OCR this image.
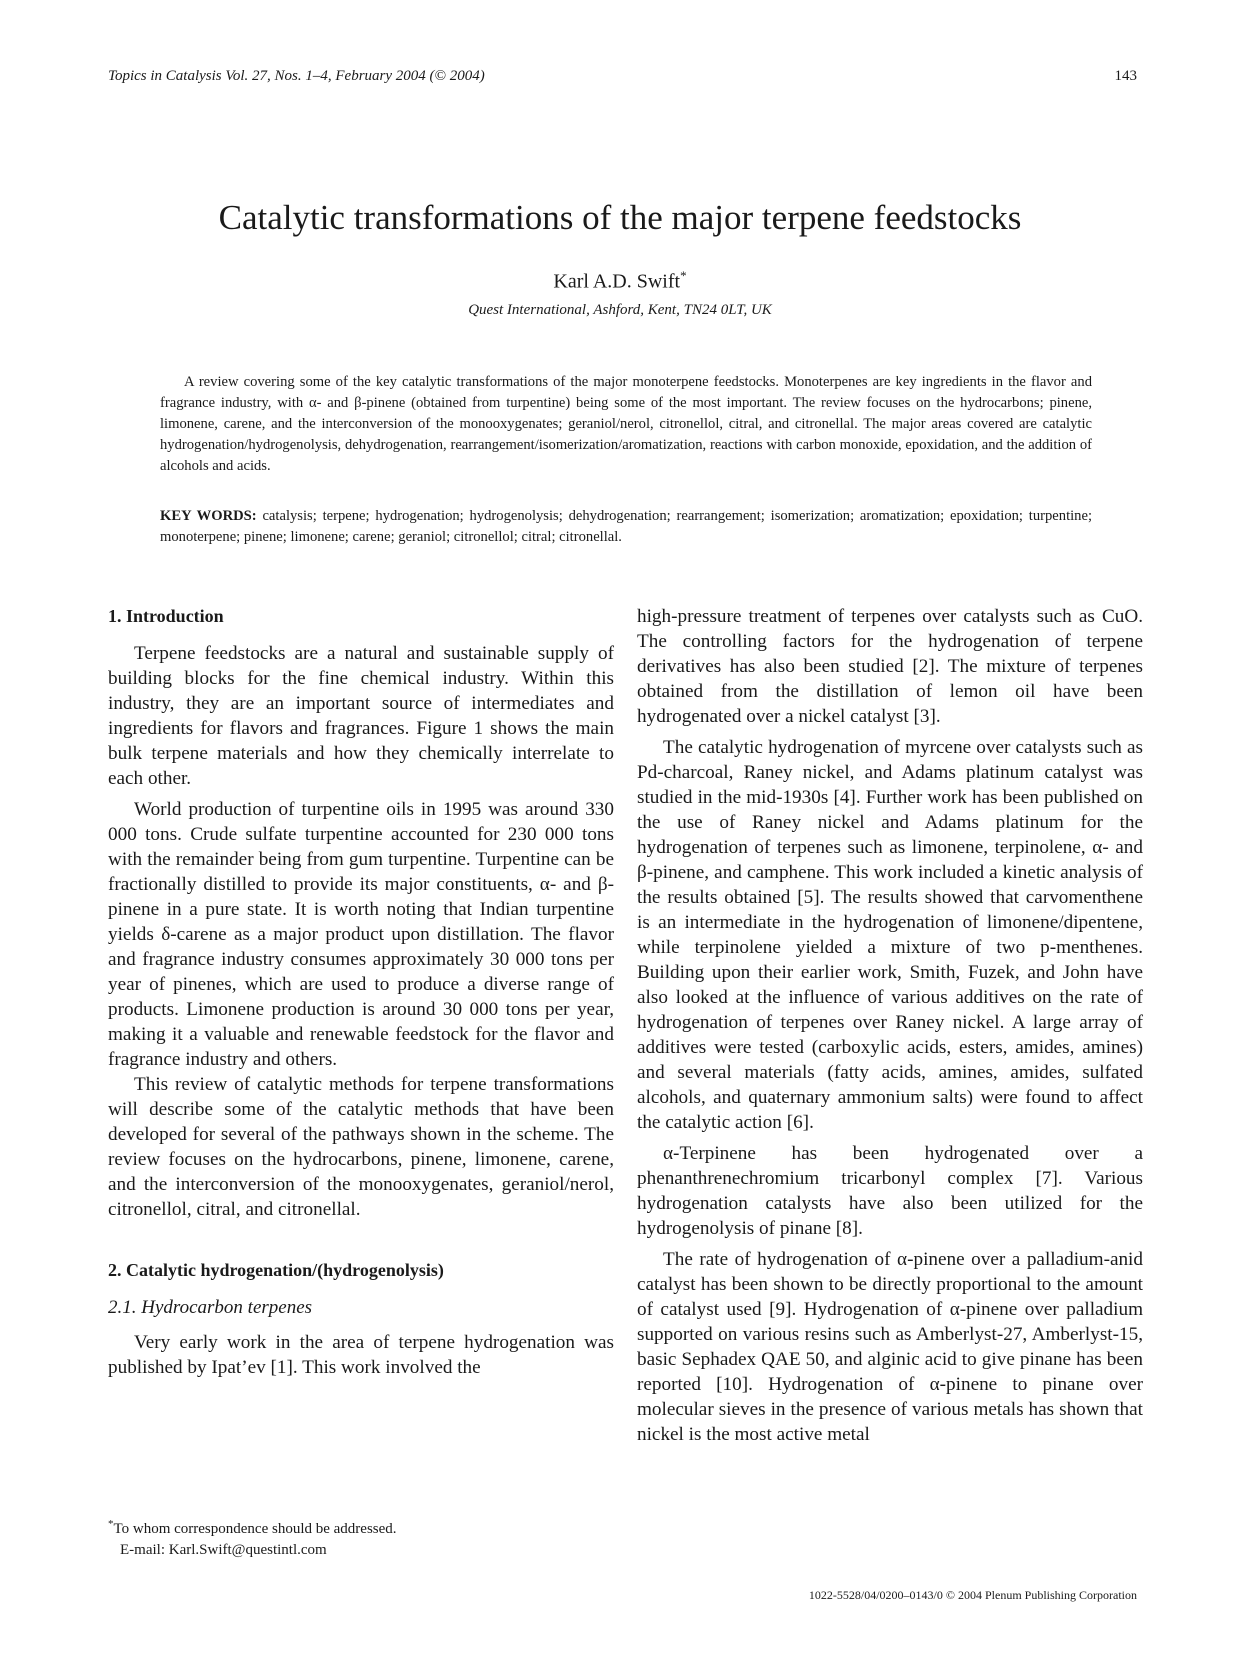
Topics in Catalysis Vol. 27, Nos. 1–4, February 2004 (© 2004)	143
Catalytic transformations of the major terpene feedstocks
Karl A.D. Swift*
Quest International, Ashford, Kent, TN24 0LT, UK

A review covering some of the key catalytic transformations of the major monoterpene feedstocks. Monoterpenes are key ingredients in the flavor and fragrance industry, with α- and β-pinene (obtained from turpentine) being some of the most important. The review focuses on the hydrocarbons; pinene, limonene, carene, and the interconversion of the monooxygenates; geraniol/nerol, citronellol, citral, and citronellal. The major areas covered are catalytic hydrogenation/hydrogenolysis, dehydrogenation, rearrangement/isomerization/aromatization, reactions with carbon monoxide, epoxidation, and the addition of alcohols and acids.

KEY WORDS: catalysis; terpene; hydrogenation; hydrogenolysis; dehydrogenation; rearrangement; isomerization; aromatization; epoxidation; turpentine; monoterpene; pinene; limonene; carene; geraniol; citronellol; citral; citronellal.

1. Introduction

Terpene feedstocks are a natural and sustainable supply of building blocks for the fine chemical industry. Within this industry, they are an important source of intermediates and ingredients for flavors and fragrances. Figure 1 shows the main bulk terpene materials and how they chemically interrelate to each other.

World production of turpentine oils in 1995 was around 330 000 tons. Crude sulfate turpentine accounted for 230 000 tons with the remainder being from gum turpentine. Turpentine can be fractionally distilled to provide its major constituents, α- and β-pinene in a pure state. It is worth noting that Indian turpentine yields δ-carene as a major product upon distillation. The flavor and fragrance industry consumes approximately 30 000 tons per year of pinenes, which are used to produce a diverse range of products. Limonene production is around 30 000 tons per year, making it a valuable and renewable feedstock for the flavor and fragrance industry and others.

This review of catalytic methods for terpene transformations will describe some of the catalytic methods that have been developed for several of the pathways shown in the scheme. The review focuses on the hydrocarbons, pinene, limonene, carene, and the interconversion of the monooxygenates, geraniol/nerol, citronellol, citral, and citronellal.

2. Catalytic hydrogenation/(hydrogenolysis)
2.1. Hydrocarbon terpenes

Very early work in the area of terpene hydrogenation was published by Ipat’ev [1]. This work involved the

high-pressure treatment of terpenes over catalysts such as CuO. The controlling factors for the hydrogenation of terpene derivatives has also been studied [2]. The mixture of terpenes obtained from the distillation of lemon oil have been hydrogenated over a nickel catalyst [3].

The catalytic hydrogenation of myrcene over catalysts such as Pd-charcoal, Raney nickel, and Adams platinum catalyst was studied in the mid-1930s [4]. Further work has been published on the use of Raney nickel and Adams platinum for the hydrogenation of terpenes such as limonene, terpinolene, α- and β-pinene, and camphene. This work included a kinetic analysis of the results obtained [5]. The results showed that carvomenthene is an intermediate in the hydrogenation of limonene/dipentene, while terpinolene yielded a mixture of two p-menthenes. Building upon their earlier work, Smith, Fuzek, and John have also looked at the influence of various additives on the rate of hydrogenation of terpenes over Raney nickel. A large array of additives were tested (carboxylic acids, esters, amides, amines) and several materials (fatty acids, amines, amides, sulfated alcohols, and quaternary ammonium salts) were found to affect the catalytic action [6].

α-Terpinene has been hydrogenated over a phenanthrenechromium tricarbonyl complex [7]. Various hydrogenation catalysts have also been utilized for the hydrogenolysis of pinane [8].

The rate of hydrogenation of α-pinene over a palladium-anid catalyst has been shown to be directly proportional to the amount of catalyst used [9]. Hydrogenation of α-pinene over palladium supported on various resins such as Amberlyst-27, Amberlyst-15, basic Sephadex QAE 50, and alginic acid to give pinane has been reported [10]. Hydrogenation of α-pinene to pinane over molecular sieves in the presence of various metals has shown that nickel is the most active metal

*To whom correspondence should be addressed.
E-mail: Karl.Swift@questintl.com
1022-5528/04/0200–0143/0 © 2004 Plenum Publishing Corporation
